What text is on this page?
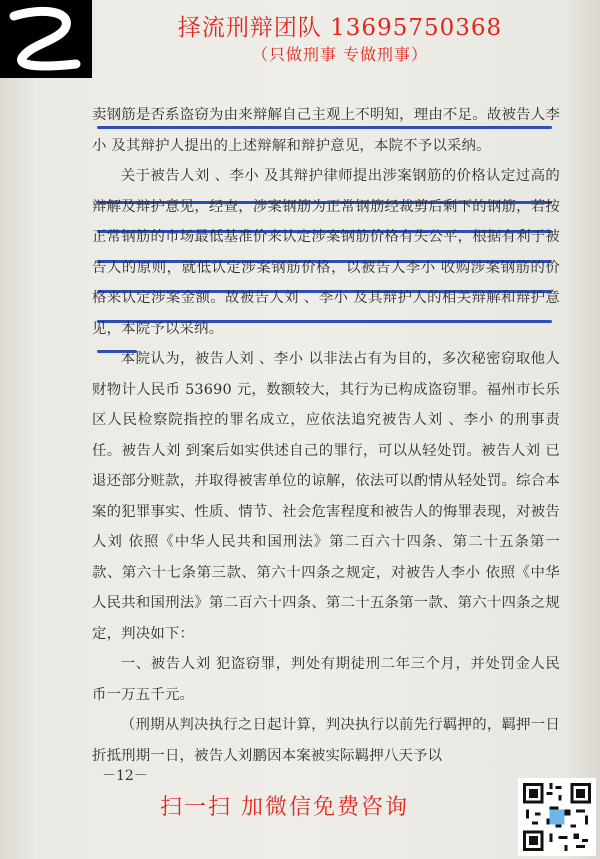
择流刑辩团队 13695750368
（只做刑事 专做刑事）

卖钢筋是否系盗窃为由来辩解自己主观上不明知，理由不足。故被告人李小 及其辩护人提出的上述辩解和辩护意见，本院不予以采纳。

关于被告人刘 、李小 及其辩护律师提出涉案钢筋的价格认定过高的辩解及辩护意见，经查，涉案钢筋为正常钢筋经裁剪后剩下的钢筋，若按正常钢筋的市场最低基准价来认定涉案钢筋价格有失公平，根据有利于被告人的原则，就低认定涉案钢筋价格，以被告人李小 收购涉案钢筋的价格来认定涉案金额。故被告人刘 、李小 及其辩护人的相关辩解和辩护意见，本院予以采纳。

本院认为，被告人刘 、李小 以非法占有为目的，多次秘密窃取他人财物计人民币 53690 元，数额较大，其行为已构成盗窃罪。福州市长乐区人民检察院指控的罪名成立，应依法追究被告人刘 、李小 的刑事责任。被告人刘 到案后如实供述自己的罪行，可以从轻处罚。被告人刘 已退还部分赃款，并取得被害单位的谅解，依法可以酌情从轻处罚。综合本案的犯罪事实、性质、情节、社会危害程度和被告人的悔罪表现，对被告人刘 依照《中华人民共和国刑法》第二百六十四条、第二十五条第一款、第六十七条第三款、第六十四条之规定，对被告人李小 依照《中华人民共和国刑法》第二百六十四条、第二十五条第一款、第六十四条之规定，判决如下：

一、被告人刘 犯盗窃罪，判处有期徒刑二年三个月，并处罚金人民币一万五千元。

（刑期从判决执行之日起计算，判决执行以前先行羁押的，羁押一日折抵刑期一日，被告人刘鹏因本案被实际羁押八天予以

－12－
扫一扫 加微信免费咨询
